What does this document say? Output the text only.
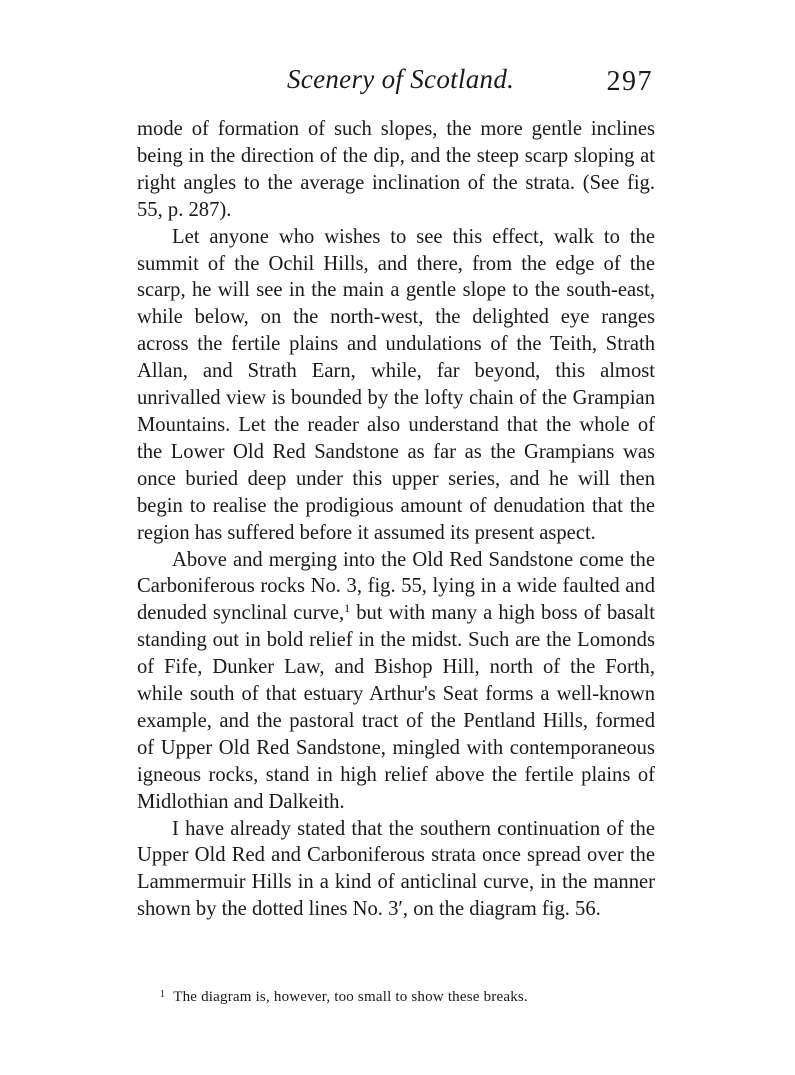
Scenery of Scotland.	297

mode of formation of such slopes, the more gentle inclines being in the direction of the dip, and the steep scarp sloping at right angles to the average inclination of the strata. (See fig. 55, p. 287).

Let anyone who wishes to see this effect, walk to the summit of the Ochil Hills, and there, from the edge of the scarp, he will see in the main a gentle slope to the south-east, while below, on the north-west, the delighted eye ranges across the fertile plains and undulations of the Teith, Strath Allan, and Strath Earn, while, far beyond, this almost unrivalled view is bounded by the lofty chain of the Grampian Mountains. Let the reader also understand that the whole of the Lower Old Red Sandstone as far as the Grampians was once buried deep under this upper series, and he will then begin to realise the prodigious amount of denudation that the region has suffered before it assumed its present aspect.

Above and merging into the Old Red Sandstone come the Carboniferous rocks No. 3, fig. 55, lying in a wide faulted and denuded synclinal curve,$^1$ but with many a high boss of basalt standing out in bold relief in the midst. Such are the Lomonds of Fife, Dunker Law, and Bishop Hill, north of the Forth, while south of that estuary Arthur's Seat forms a well-known example, and the pastoral tract of the Pentland Hills, formed of Upper Old Red Sandstone, mingled with contemporaneous igneous rocks, stand in high relief above the fertile plains of Midlothian and Dalkeith.

I have already stated that the southern continuation of the Upper Old Red and Carboniferous strata once spread over the Lammermuir Hills in a kind of anticlinal curve, in the manner shown by the dotted lines No. 3′, on the diagram fig. 56.

$^1$ The diagram is, however, too small to show these breaks.
